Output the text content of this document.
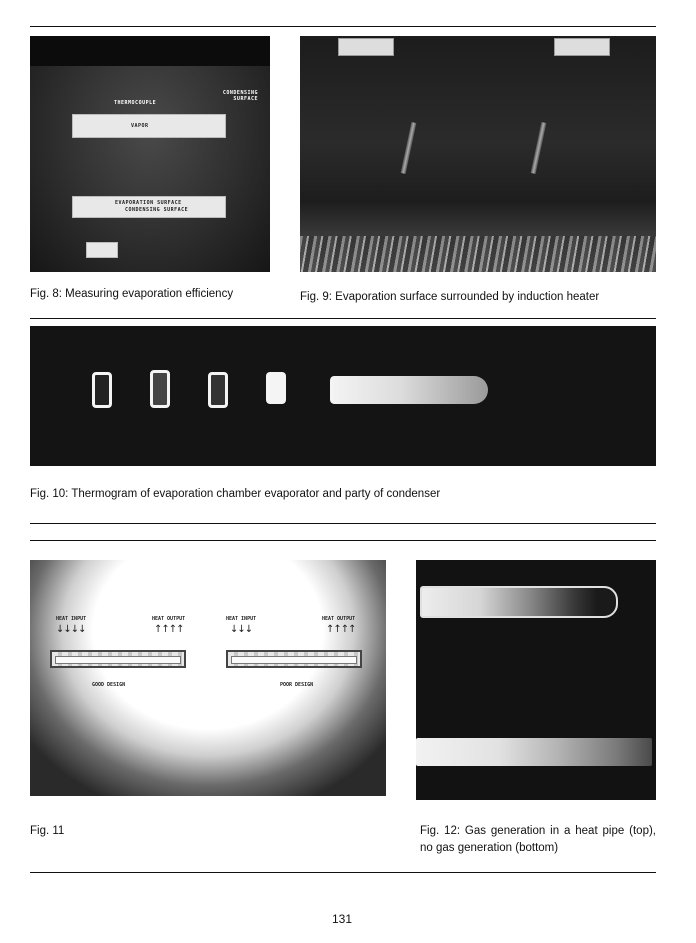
THERMOCOUPLE
CONDENSING SURFACE
VAPOR
EVAPORATION SURFACE
CONDENSING SURFACE
Fig. 8: Measuring evaporation efficiency	Fig. 9: Evaporation surface surrounded by induction heater
Fig. 10: Thermogram of evaporation chamber evaporator and party of condenser
HEAT INPUT
↓↓↓↓
HEAT OUTPUT
↑↑↑↑
GOOD DESIGN
HEAT INPUT
↓↓↓
HEAT OUTPUT
↑↑↑↑
POOR DESIGN
Fig. 11	Fig. 12: Gas generation in a heat pipe (top), no gas generation (bottom)
131
